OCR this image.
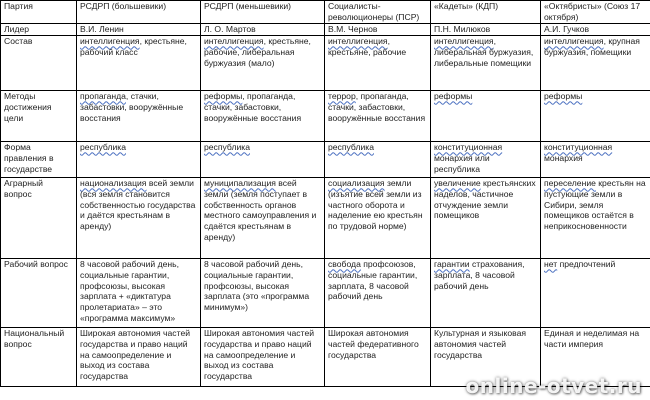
Партия	РСДРП (большевики)	РСДРП (меньшевики)	Социалисты-революционеры (ПСР)	«Кадеты» (КДП)	«Октябристы» (Союз 17 октября)
Лидер	В.И. Ленин	Л. О. Мартов	В.М. Чернов	П.Н. Милюков	А.И. Гучков
Состав	интеллигенция, крестьяне, рабочий класс	интеллигенция, крестьяне, рабочие, либеральная буржуазия (мало)	интеллигенция, крестьяне, рабочие	интеллигенция, либеральная буржуазия, либеральные помещики	интеллигенция, крупная буржуазия, помещики
Методы достижения цели	пропаганда, стачки, забастовки, вооружённые восстания	реформы, пропаганда, стачки, забастовки, вооружённые восстания	террор, пропаганда, стачки, забастовки, вооружённые восстания	реформы	реформы
Форма правления в государстве	республика	республика	республика	конституционная монархия или республика	конституционная монархия
Аграрный вопрос	национализация всей земли (вся земля становится собственностью государства и даётся крестьянам в аренду)	муниципализация всей земли (земля поступает в собственность органов местного самоуправления и сдаётся крестьянам в аренду)	социализация земли (изъятие всей земли из частного оборота и наделение ею крестьян по трудовой норме)	увеличение крестьянских наделов, частичное отчуждение земли помещиков	переселение крестьян на пустующие земли в Сибири, земля помещиков остаётся в неприкосновенности
Рабочий вопрос	8 часовой рабочий день, социальные гарантии, профсоюзы, высокая зарплата + «диктатура пролетариата» – это «программа максимум»	8 часовой рабочий день, социальные гарантии, профсоюзы, высокая зарплата (это «программа минимум»)	свобода профсоюзов, социальные гарантии, зарплата, 8 часовой рабочий день	гарантии страхования, зарплата, 8 часовой рабочий день	нет предпочтений
Национальный вопрос	Широкая автономия частей государства и право наций на самоопределение и выход из состава государства	Широкая автономия частей государства и право наций на самоопределение и выход из состава государства	Широкая автономия частей федеративного государства	Культурная и языковая автономия частей государства	Единая и неделимая на части империя
online-otvet.ru
